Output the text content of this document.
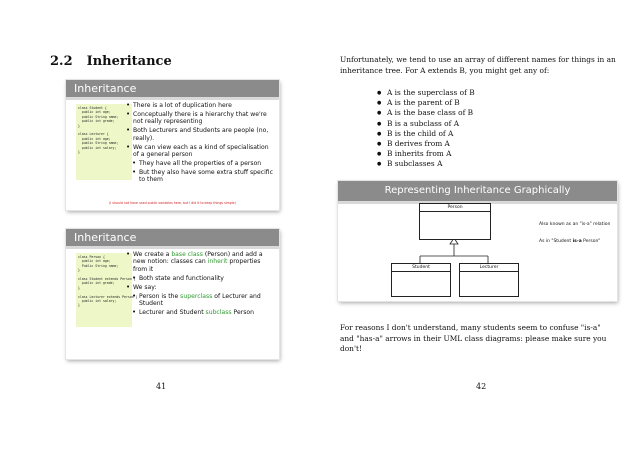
2.2 Inheritance
Inheritance
class Student {
public int age;
public String name;
public int grade;
}

class Lecturer {
public int age;
public String name;
public int salary;
}
• There is a lot of duplication here
• Conceptually there is a hierarchy that we're not really representing
• Both Lecturers and Students are people (no, really).
• We can view each as a kind of specialisation of a general person
• They have all the properties of a person
• But they also have some extra stuff specific to them
(I should not have used public variables here, but I did it to keep things simple)
Inheritance
class Person {
public int age;
Public String name;
}

class Student extends Person {
public int grade;
}

class Lecturer extends Person {
public int salary;
}
• We create a base class (Person) and add a new notion: classes can inherit properties from it
• Both state and functionality
• We say:
• Person is the superclass of Lecturer and Student
• Lecturer and Student subclass Person
41

Unfortunately, we tend to use an array of different names for things in an inheritance tree. For A extends B, you might get any of:

● A is the superclass of B
● A is the parent of B
● A is the base class of B
● B is a subclass of A
● B is the child of A
● B derives from A
● B inherits from A
● B subclasses A
Representing Inheritance Graphically
Person
Student	Lecturer
Also known as an "is-a" relation
As in "Student is-a Person"

For reasons I don't understand, many students seem to confuse "is-a" and "has-a" arrows in their UML class diagrams: please make sure you don't!

42
